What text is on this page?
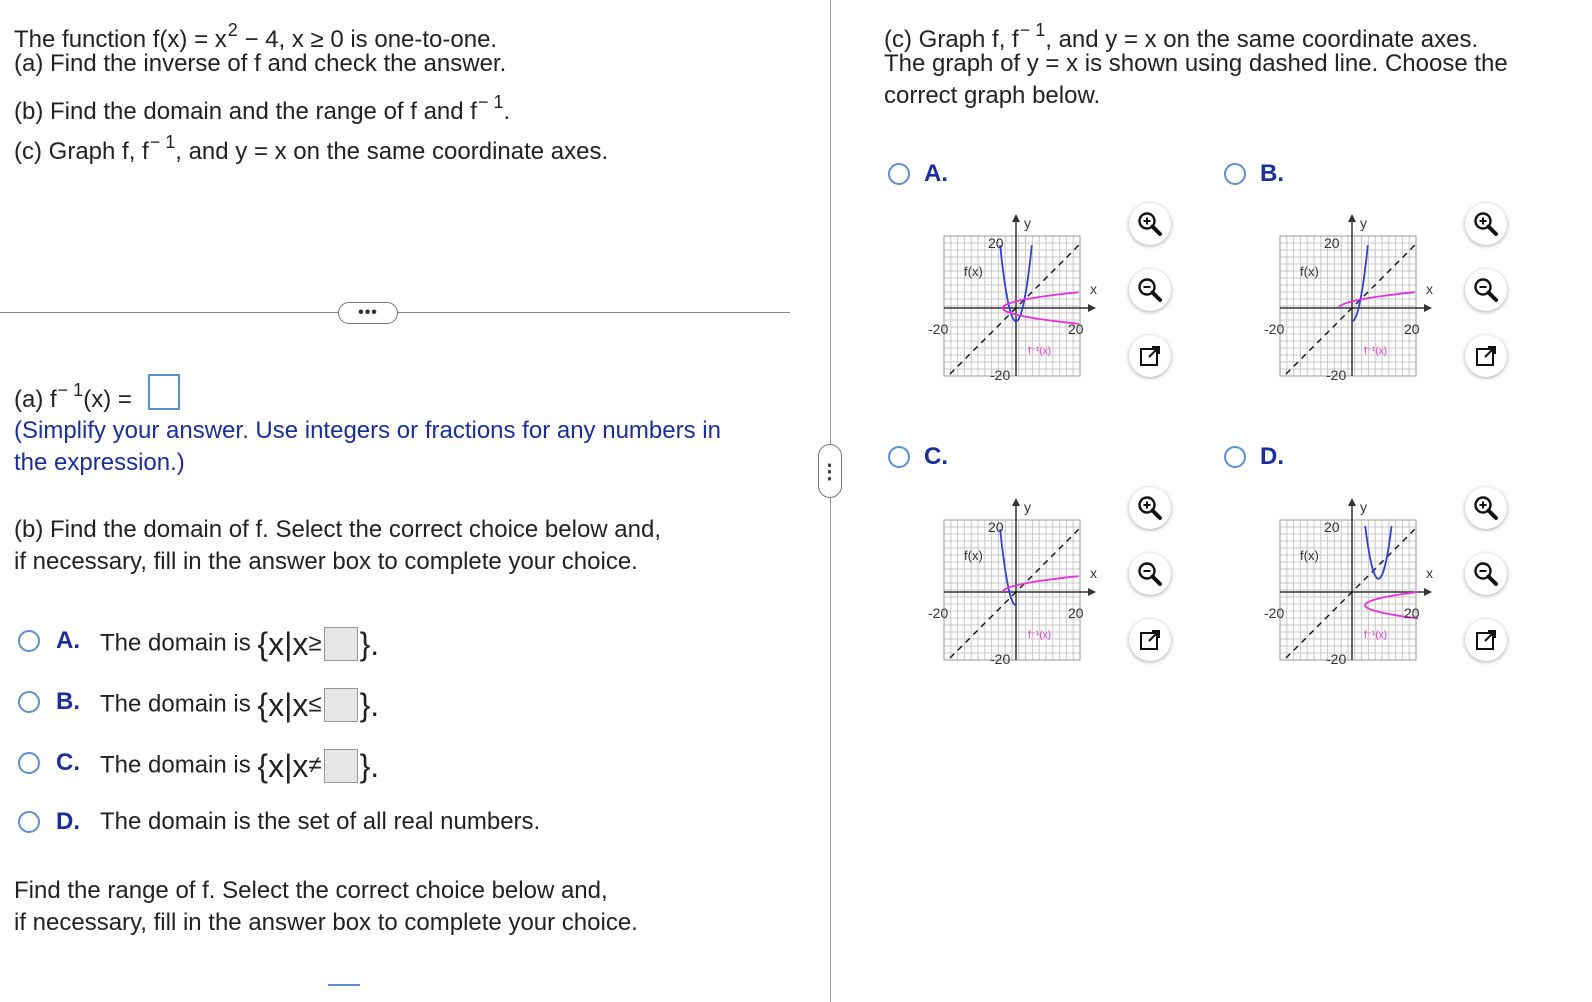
The function $f(x) = x^2 - 4$, x ≥ 0 is one-to-one.
(a) Find the inverse of f and check the answer.
(b) Find the domain and the range of f and $f^{- 1}$.
(c) Graph f, $f^{- 1}$, and y = x on the same coordinate axes.
•••
(a) $f^{- 1}(x)$ =
(Simplify your answer. Use integers or fractions for any numbers in
the expression.)
(b) Find the domain of f. Select the correct choice below and,
if necessary, fill in the answer box to complete your choice.
A. The domain is {x|x≥ }.
B. The domain is {x|x≤ }.
C. The domain is {x|x≠ }.
D. The domain is the set of all real numbers.
Find the range of f. Select the correct choice below and,
if necessary, fill in the answer box to complete your choice.
⋮
(c) Graph f, $f^{- 1}$, and y = x on the same coordinate axes.
The graph of y = x is shown using dashed line. Choose the
correct graph below.
A.
y
x
20
-20
20
-20
f(x)
f⁻¹(x)
B.
y
x
20
-20
20
-20
f(x)
f⁻¹(x)
C.
y
x
20
-20
20
-20
f(x)
f⁻¹(x)
D.
y
x
20
-20
20
-20
f(x)
f⁻¹(x)
